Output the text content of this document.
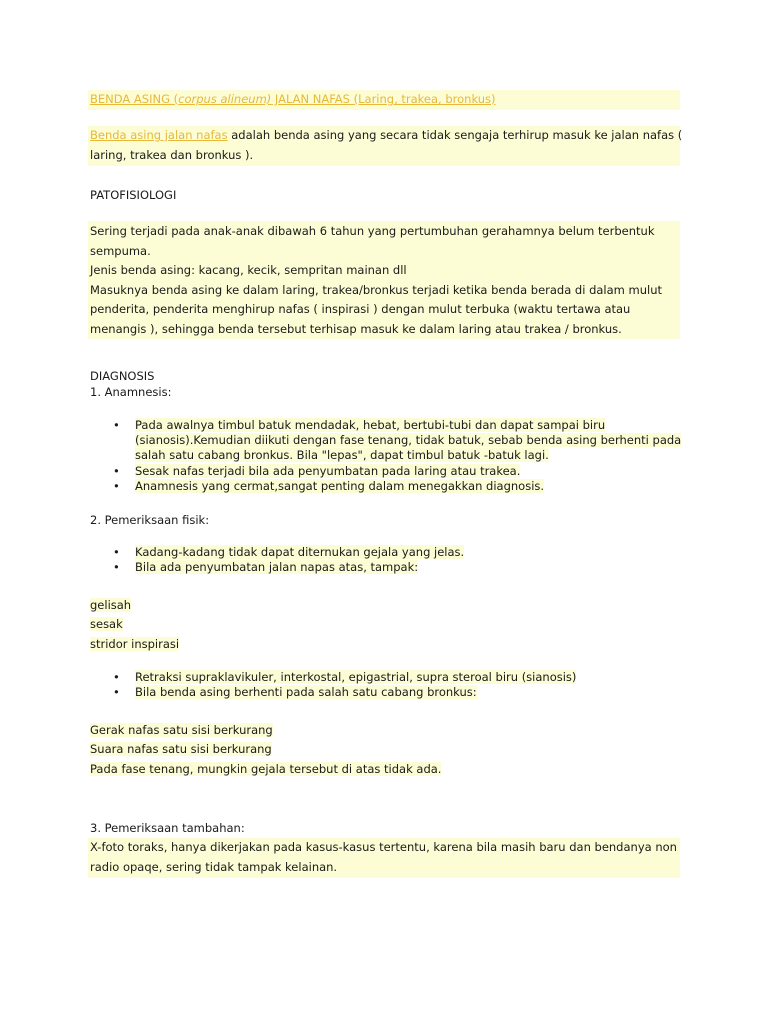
BENDA ASING (corpus alineum) JALAN NAFAS (Laring, trakea, bronkus)
Benda asing jalan nafas adalah benda asing yang secara tidak sengaja terhirup masuk ke jalan nafas (
laring, trakea dan bronkus ).
PATOFISIOLOGI
Sering terjadi pada anak-anak dibawah 6 tahun yang pertumbuhan gerahamnya belum terbentuk
sempuma.
Jenis benda asing: kacang, kecik, sempritan mainan dll
Masuknya benda asing ke dalam laring, trakea/bronkus terjadi ketika benda berada di dalam mulut
penderita, penderita menghirup nafas ( inspirasi ) dengan mulut terbuka (waktu tertawa atau
menangis ), sehingga benda tersebut terhisap masuk ke dalam laring atau trakea / bronkus.
DIAGNOSIS
1. Anamnesis:
• Pada awalnya timbul batuk mendadak, hebat, bertubi-tubi dan dapat sampai biru
(sianosis).Kemudian diikuti dengan fase tenang, tidak batuk, sebab benda asing berhenti pada
salah satu cabang bronkus. Bila "lepas", dapat timbul batuk -batuk lagi.
• Sesak nafas terjadi bila ada penyumbatan pada laring atau trakea.
• Anamnesis yang cermat,sangat penting dalam menegakkan diagnosis.
2. Pemeriksaan fisik:
• Kadang-kadang tidak dapat diternukan gejala yang jelas.
• Bila ada penyumbatan jalan napas atas, tampak:
gelisah
sesak
stridor inspirasi
• Retraksi supraklavikuler, interkostal, epigastrial, supra steroal biru (sianosis)
• Bila benda asing berhenti pada salah satu cabang bronkus:
Gerak nafas satu sisi berkurang
Suara nafas satu sisi berkurang
Pada fase tenang, mungkin gejala tersebut di atas tidak ada.
3. Pemeriksaan tambahan:
X-foto toraks, hanya dikerjakan pada kasus-kasus tertentu, karena bila masih baru dan bendanya non
radio opaqe, sering tidak tampak kelainan.
